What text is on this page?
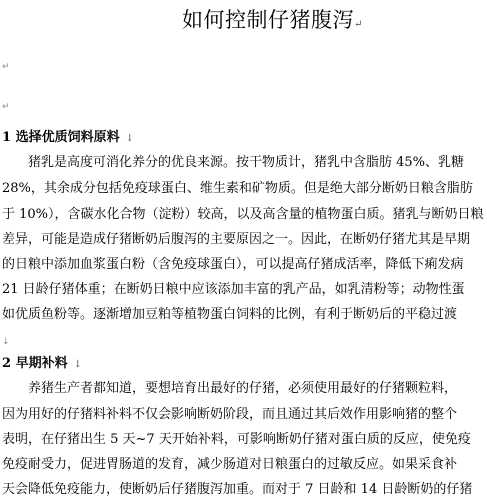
如何控制仔猪腹泻↵
↵
↵
1 选择优质饲料原料 ↓
猪乳是高度可消化养分的优良来源。按干物质计，猪乳中含脂肪 45%、乳糖
28%，其余成分包括免疫球蛋白、维生素和矿物质。但是绝大部分断奶日粮含脂肪
于 10%），含碳水化合物（淀粉）较高，以及高含量的植物蛋白质。猪乳与断奶日粮
差异，可能是造成仔猪断奶后腹泻的主要原因之一。因此，在断奶仔猪尤其是早期
的日粮中添加血浆蛋白粉（含免疫球蛋白），可以提高仔猪成活率，降低下痢发病
21 日龄仔猪体重；在断奶日粮中应该添加丰富的乳产品，如乳清粉等；动物性蛋
如优质鱼粉等。逐渐增加豆粕等植物蛋白饲料的比例，有利于断奶后的平稳过渡
↓
2 早期补料 ↓
养猪生产者都知道，要想培育出最好的仔猪，必须使用最好的仔猪颗粒料，
因为用好的仔猪料补料不仅会影响断奶阶段，而且通过其后效作用影响猪的整个
表明，在仔猪出生 5 天~7 天开始补料，可影响断奶仔猪对蛋白质的反应，使免疫
免疫耐受力，促进胃肠道的发育，减少肠道对日粮蛋白的过敏反应。如果采食补
天会降低免疫能力，使断奶后仔猪腹泻加重。而对于 7 日龄和 14 日龄断奶的仔猪
